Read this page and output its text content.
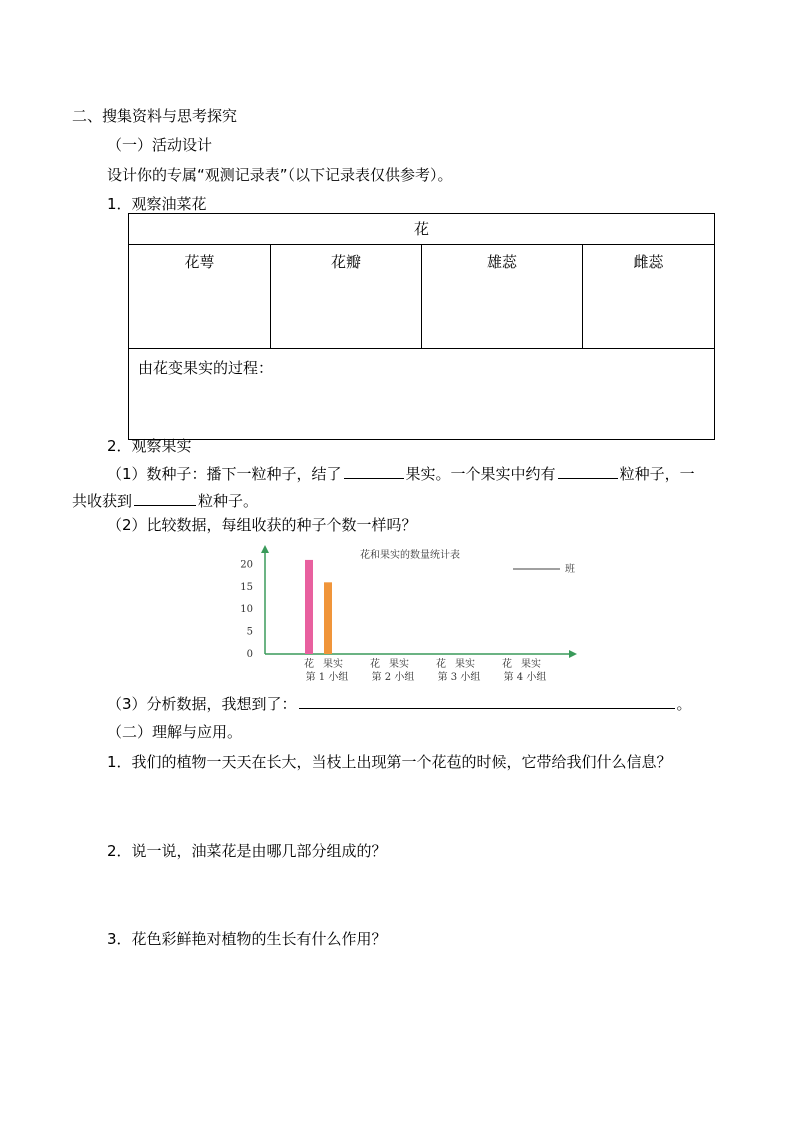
二、搜集资料与思考探究
（一）活动设计
设计你的专属“观测记录表”（以下记录表仅供参考）。
1．观察油菜花
花
花萼	花瓣	雄蕊	雌蕊
由花变果实的过程：
2．观察果实
（1）数种子：播下一粒种子，结了	果实。一个果实中约有	粒种子，一
共收获到	粒种子。
（2）比较数据，每组收获的种子个数一样吗？
花和果实的数量统计表
班
0
5
10
15
20
花 果实
第 1 小组
花 果实
第 2 小组
花 果实
第 3 小组
花 果实
第 4 小组
（3）分析数据，我想到了：	。
（二）理解与应用。
1．我们的植物一天天在长大，当枝上出现第一个花苞的时候，它带给我们什么信息？
2．说一说，油菜花是由哪几部分组成的？
3．花色彩鲜艳对植物的生长有什么作用？
